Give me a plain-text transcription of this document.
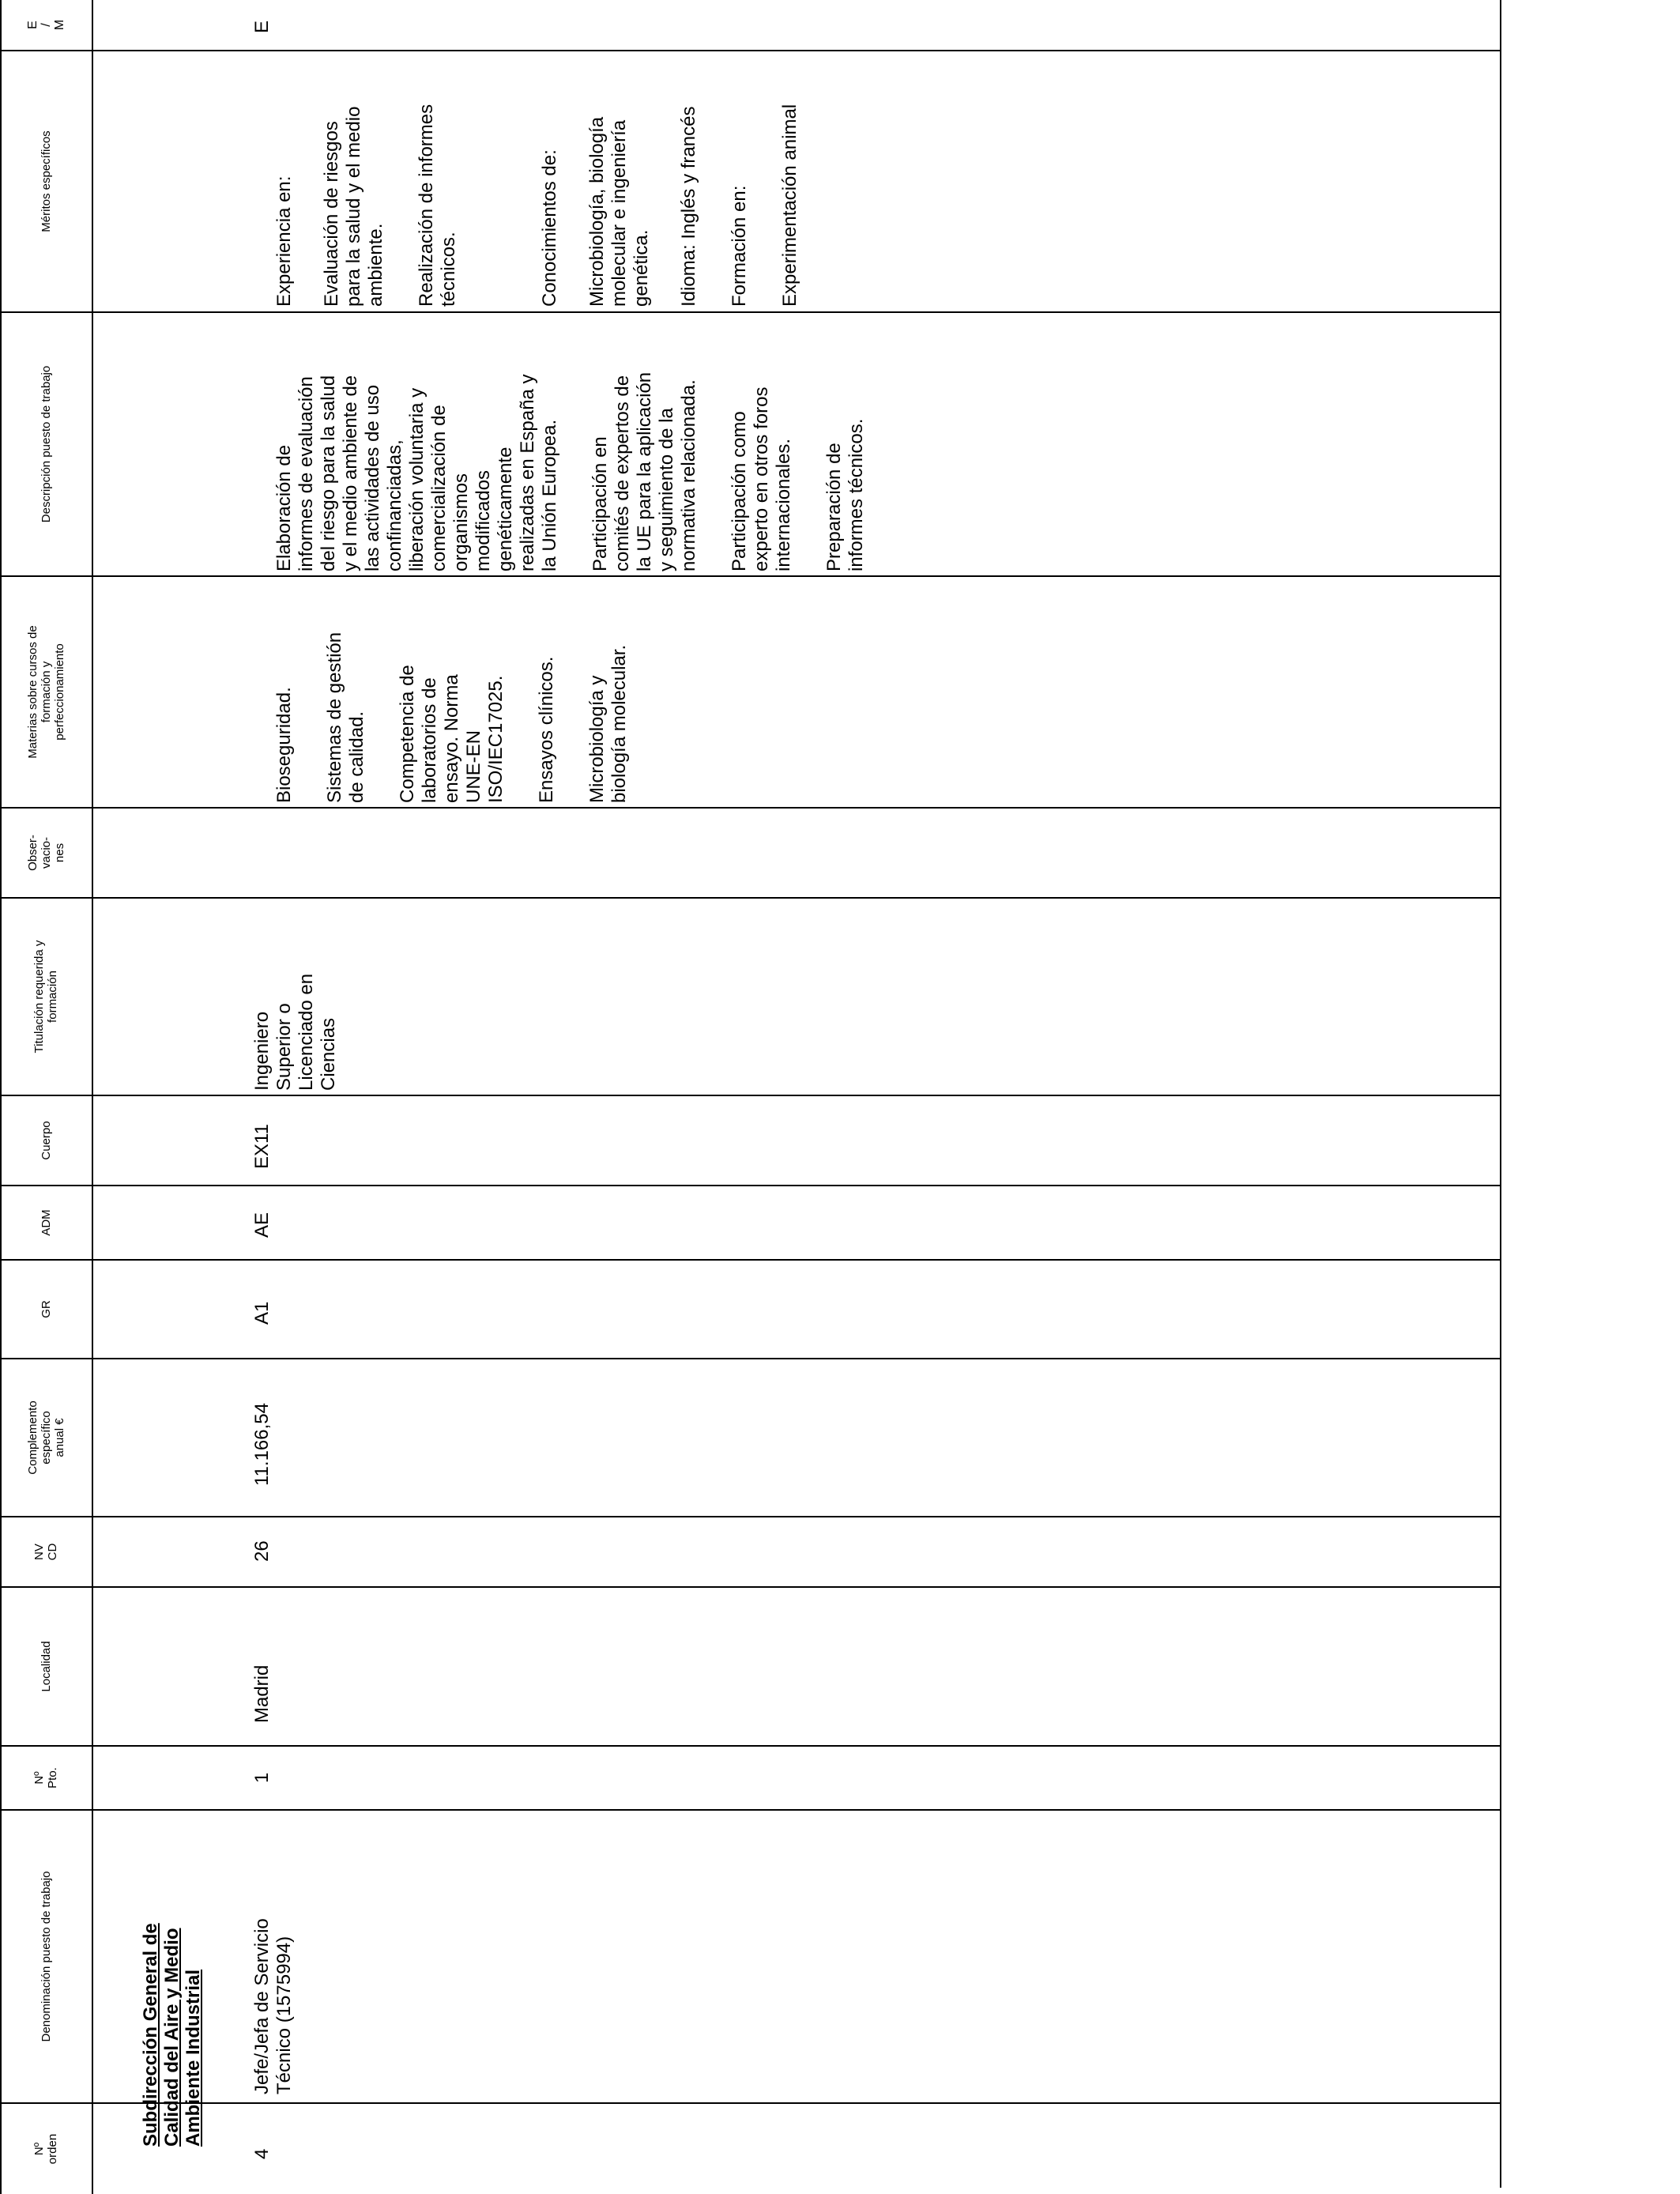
Nº
orden
Denominación puesto de trabajo
Nº
Pto.
Localidad
NV
CD
Complemento
específico
anual €
GR
ADM
Cuerpo
Titulación requerida y
formación
Obser-
vacio-
nes
Materias sobre cursos de
formación y
perfeccionamiento
Descripción puesto de trabajo
Méritos específicos
E
/
M
Subdirección General de
Calidad del Aire y Medio
Ambiente Industrial
4
Jefe/Jefa de Servicio
Técnico (1575994)
1
Madrid
26
11.166,54
A1
AE
EX11
Ingeniero
Superior o
Licenciado en
Ciencias

Bioseguridad. Sistemas de gestión
de calidad. Competencia de
laboratorios de
ensayo. Norma
UNE-EN
ISO/IEC17025. Ensayos clínicos. Microbiología y
biología molecular.

Elaboración de
informes de evaluación
del riesgo para la salud
y el medio ambiente de
las actividades de uso
confinanciadas,
liberación voluntaria y
comercialización de
organismos
modificados
genéticamente
realizadas en España y
la Unión Europea.

Participación en
comités de expertos de
la UE para la aplicación
y seguimiento de la
normativa relacionada.

Participación como
experto en otros foros
internacionales. Preparación de
informes técnicos.

Experiencia en: Evaluación de riesgos
para la salud y el medio
ambiente. Realización de informes
técnicos.	Conocimientos de: Microbiología, biología
molecular e ingeniería
genética. Idioma: Inglés y francés Formación en: Experimentación animal

E
